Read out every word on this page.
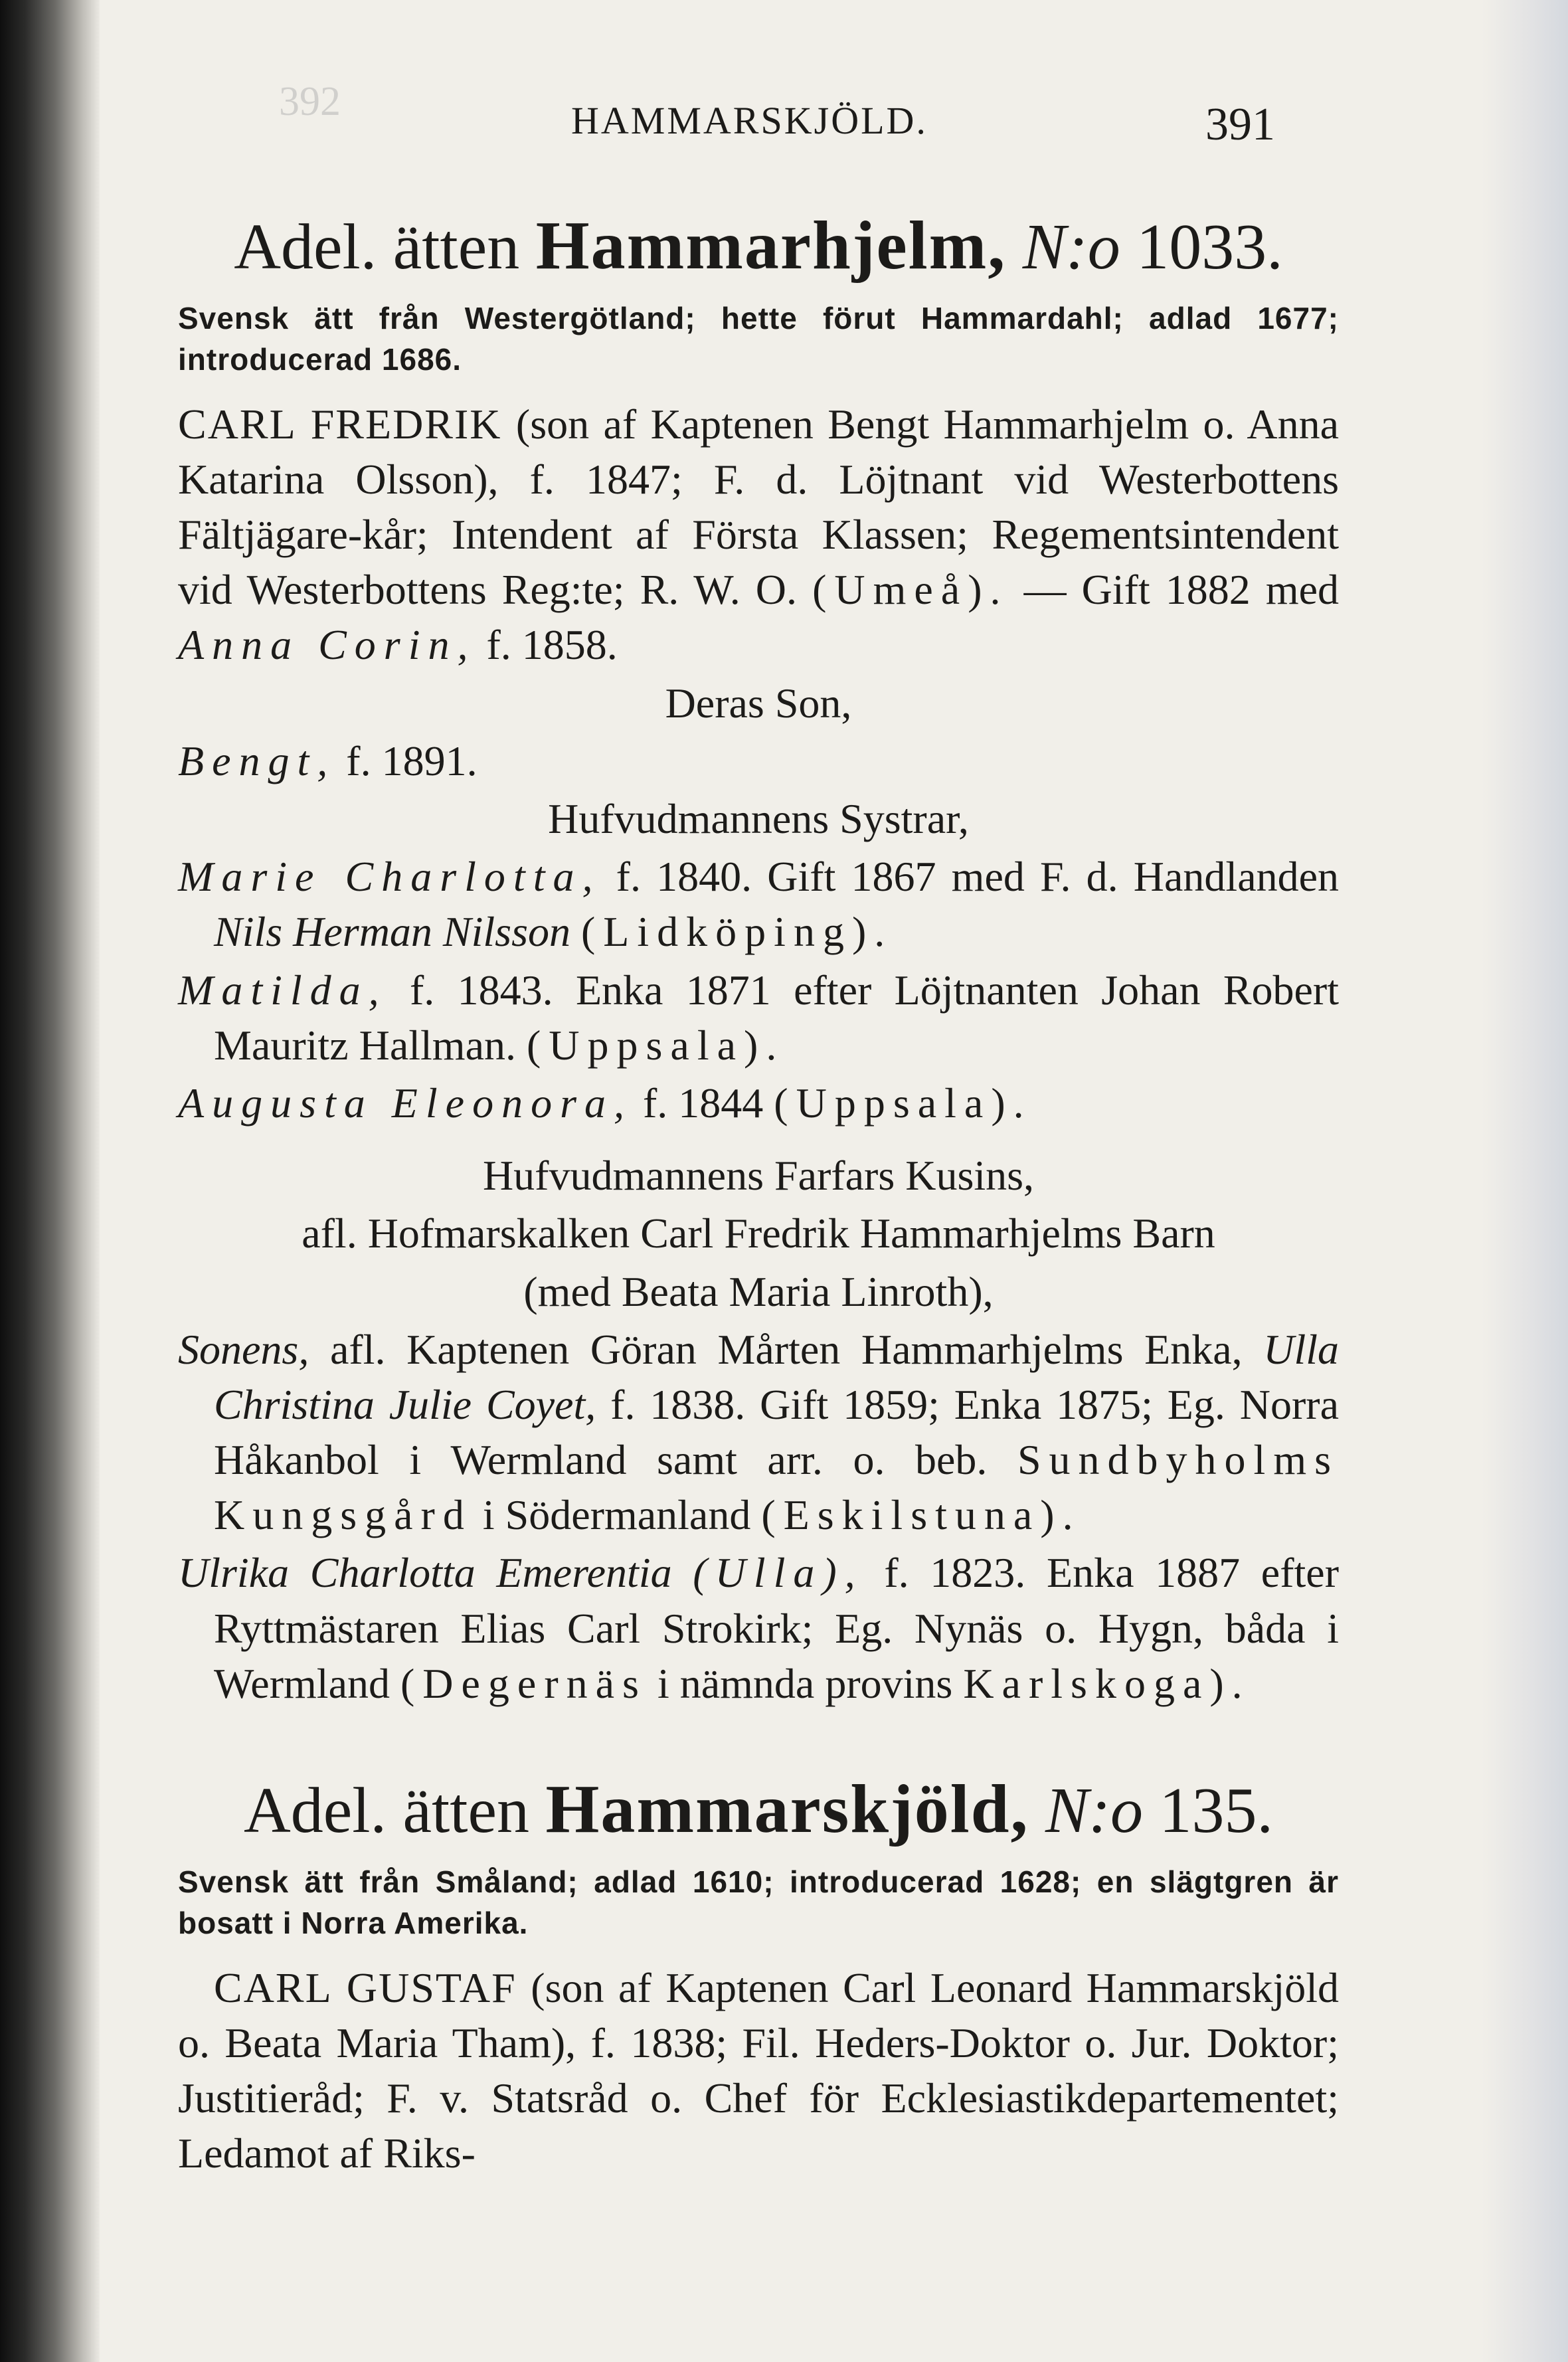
392	HAMMARSKJÖLD.	391
Adel. ätten Hammarhjelm, N:o 1033.

Svensk ätt från Westergötland; hette förut Hammardahl; adlad 1677; introducerad 1686.

CARL FREDRIK (son af Kaptenen Bengt Hammarhjelm o. Anna Katarina Olsson), f. 1847; F. d. Löjtnant vid Westerbottens Fältjägare-kår; Intendent af Första Klassen; Regementsintendent vid Westerbottens Reg:te; R. W. O. (Umeå). — Gift 1882 med Anna Corin, f. 1858.

Deras Son,

Bengt, f. 1891.

Hufvudmannens Systrar,

Marie Charlotta, f. 1840. Gift 1867 med F. d. Handlanden Nils Herman Nilsson (Lidköping).

Matilda, f. 1843. Enka 1871 efter Löjtnanten Johan Robert Mauritz Hallman. (Uppsala).

Augusta Eleonora, f. 1844 (Uppsala).

Hufvudmannens Farfars Kusins,

afl. Hofmarskalken Carl Fredrik Hammarhjelms Barn

(med Beata Maria Linroth),

Sonens, afl. Kaptenen Göran Mårten Hammarhjelms Enka, Ulla Christina Julie Coyet, f. 1838. Gift 1859; Enka 1875; Eg. Norra Håkanbol i Wermland samt arr. o. beb. Sundbyholms Kungsgård i Södermanland (Eskilstuna).

Ulrika Charlotta Emerentia (Ulla), f. 1823. Enka 1887 efter Ryttmästaren Elias Carl Strokirk; Eg. Nynäs o. Hygn, båda i Wermland (Degernäs i nämnda provins Karlskoga).

Adel. ätten Hammarskjöld, N:o 135.

Svensk ätt från Småland; adlad 1610; introducerad 1628; en slägtgren är bosatt i Norra Amerika.

CARL GUSTAF (son af Kaptenen Carl Leonard Hammarskjöld o. Beata Maria Tham), f. 1838; Fil. Heders-Doktor o. Jur. Doktor; Justitieråd; F. v. Statsråd o. Chef för Ecklesiastikdepartementet; Ledamot af Riks-
